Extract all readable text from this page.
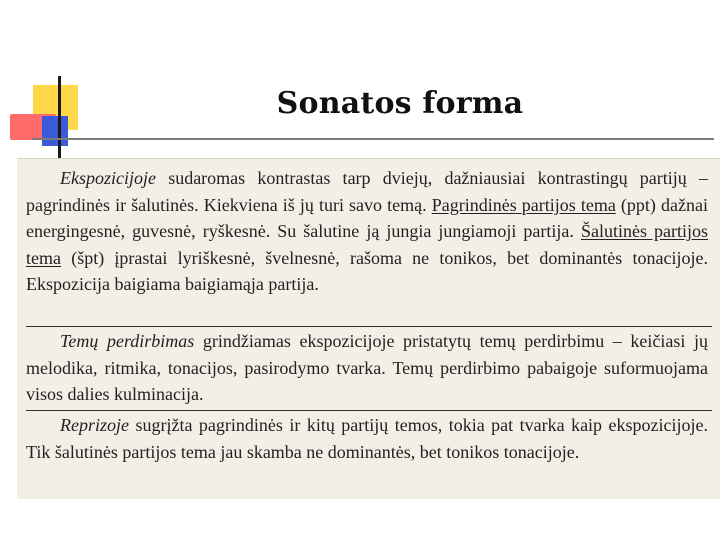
Sonatos forma
Ekspozicijoje sudaromas kontrastas tarp dviejų, dažniausiai kontrastingų partijų – pagrindinės ir šalutinės. Kiekviena iš jų turi savo temą. Pagrindinės partijos tema (ppt) dažnai energingesnė, guvesnė, ryškesnė. Su šalutine ją jungia jungiamoji partija. Šalutinės partijos tema (špt) įprastai lyriškesnė, švelnesnė, rašoma ne tonikos, bet dominantės tonacijoje. Ekspozicija baigiama baigiamąja partija.
Temų perdirbimas grindžiamas ekspozicijoje pristatytų temų perdirbimu – keičiasi jų melodika, ritmika, tonacijos, pasirodymo tvarka. Temų perdirbimo pabaigoje suformuojama visos dalies kulminacija.
Reprizoje sugrįžta pagrindinės ir kitų partijų temos, tokia pat tvarka kaip ekspozicijoje. Tik šalutinės partijos tema jau skamba ne dominantės, bet tonikos tonacijoje.
